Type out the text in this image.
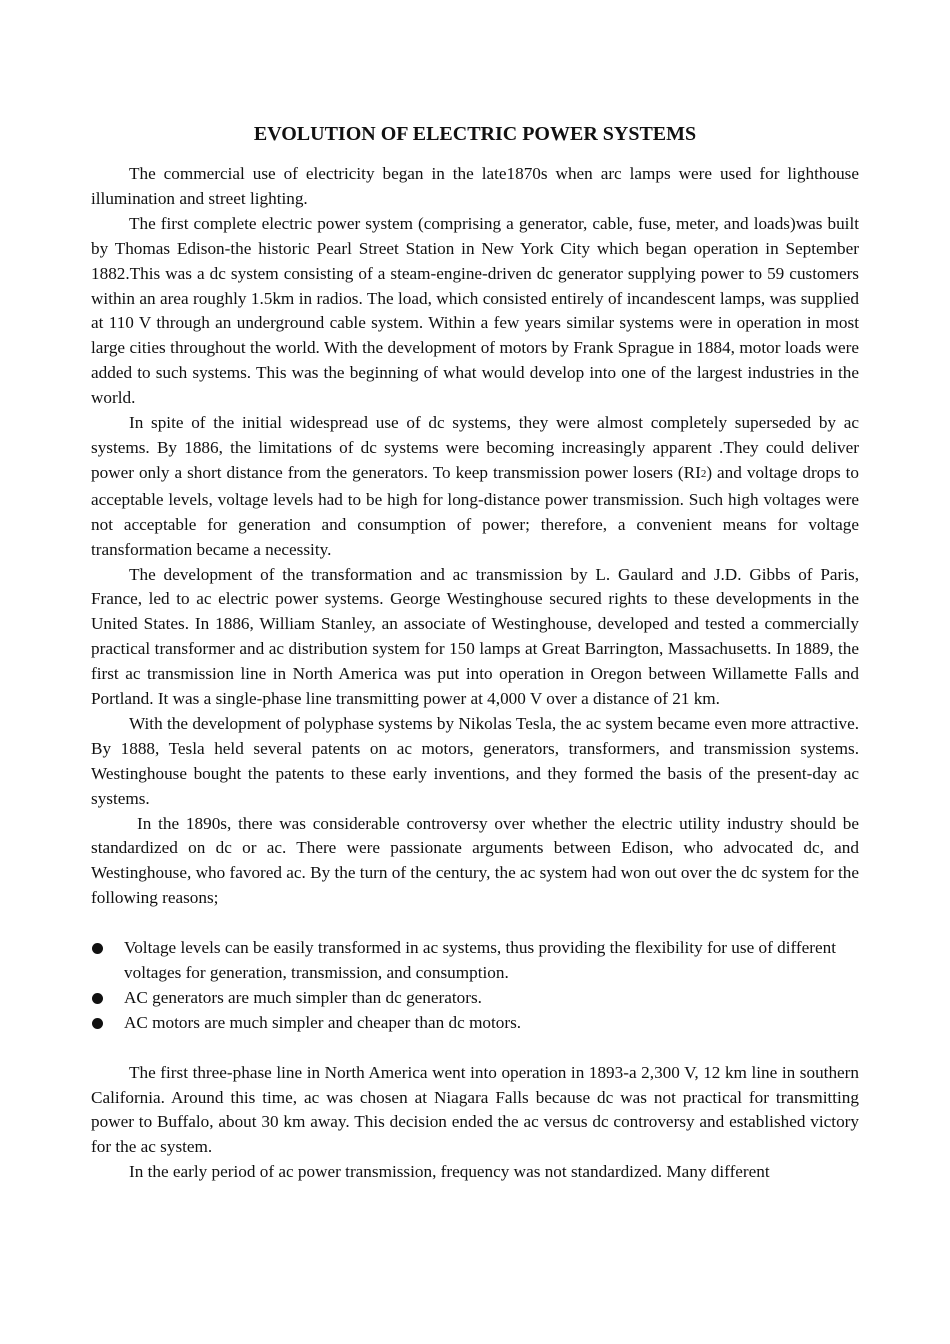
EVOLUTION OF ELECTRIC POWER SYSTEMS

The commercial use of electricity began in the late1870s when arc lamps were used for lighthouse illumination and street lighting.

The first complete electric power system (comprising a generator, cable, fuse, meter, and loads)was built by Thomas Edison-the historic Pearl Street Station in New York City which began operation in September 1882.This was a dc system consisting of a steam-engine-driven dc generator supplying power to 59 customers within an area roughly 1.5km in radios. The load, which consisted entirely of incandescent lamps, was supplied at 110 V through an underground cable system. Within a few years similar systems were in operation in most large cities throughout the world. With the development of motors by Frank Sprague in 1884, motor loads were added to such systems. This was the beginning of what would develop into one of the largest industries in the world.

In spite of the initial widespread use of dc systems, they were almost completely superseded by ac systems. By 1886, the limitations of dc systems were becoming increasingly apparent .They could deliver power only a short distance from the generators. To keep transmission power losers $(RI^2)$ and voltage drops to acceptable levels, voltage levels had to be high for long-distance power transmission. Such high voltages were not acceptable for generation and consumption of power; therefore, a convenient means for voltage transformation became a necessity.

The development of the transformation and ac transmission by L. Gaulard and J.D. Gibbs of Paris, France, led to ac electric power systems. George Westinghouse secured rights to these developments in the United States. In 1886, William Stanley, an associate of Westinghouse, developed and tested a commercially practical transformer and ac distribution system for 150 lamps at Great Barrington, Massachusetts. In 1889, the first ac transmission line in North America was put into operation in Oregon between Willamette Falls and Portland. It was a single-phase line transmitting power at 4,000 V over a distance of 21 km.

With the development of polyphase systems by Nikolas Tesla, the ac system became even more attractive. By 1888, Tesla held several patents on ac motors, generators, transformers, and transmission systems. Westinghouse bought the patents to these early inventions, and they formed the basis of the present-day ac systems.

In the 1890s, there was considerable controversy over whether the electric utility industry should be standardized on dc or ac. There were passionate arguments between Edison, who advocated dc, and Westinghouse, who favored ac. By the turn of the century, the ac system had won out over the dc system for the following reasons;

Voltage levels can be easily transformed in ac systems, thus providing the flexibility for use of different voltages for generation, transmission, and consumption.
AC generators are much simpler than dc generators.
AC motors are much simpler and cheaper than dc motors.

The first three-phase line in North America went into operation in 1893-a 2,300 V, 12 km line in southern California. Around this time, ac was chosen at Niagara Falls because dc was not practical for transmitting power to Buffalo, about 30 km away. This decision ended the ac versus dc controversy and established victory for the ac system.

In the early period of ac power transmission, frequency was not standardized. Many different
